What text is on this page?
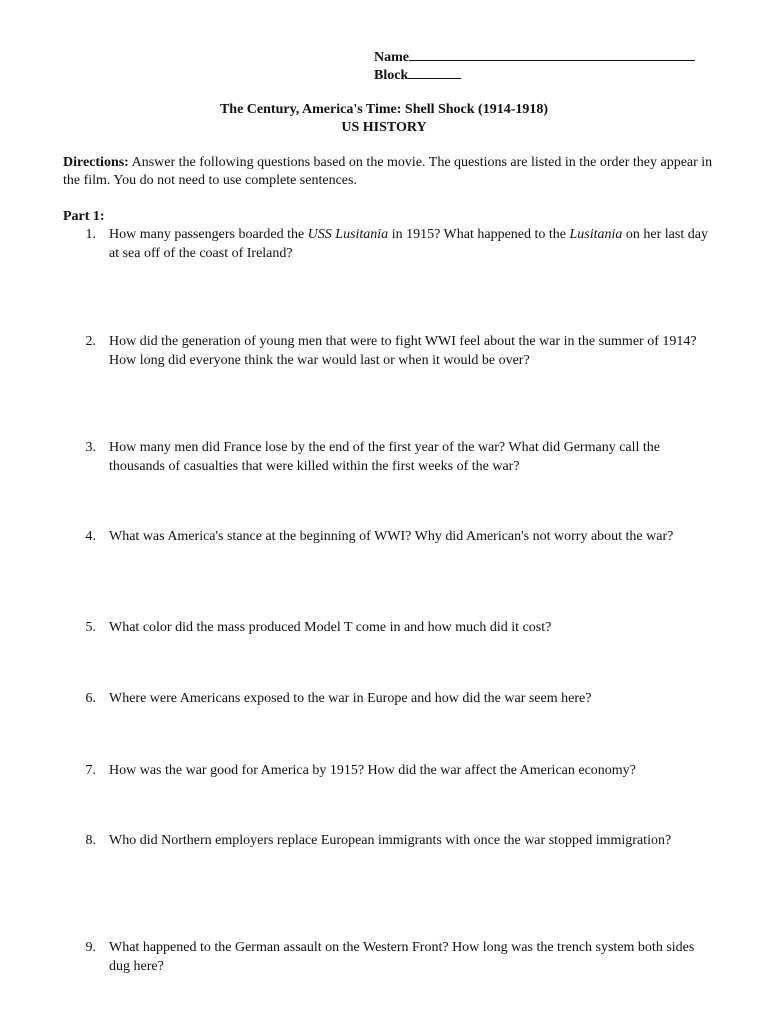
Name
Block
The Century, America's Time: Shell Shock (1914-1918)
US HISTORY
Directions: Answer the following questions based on the movie. The questions are listed in the order they appear in the film. You do not need to use complete sentences.
Part 1:
1. How many passengers boarded the USS Lusitania in 1915? What happened to the Lusitania on her last day at sea off of the coast of Ireland?
2. How did the generation of young men that were to fight WWI feel about the war in the summer of 1914? How long did everyone think the war would last or when it would be over?
3. How many men did France lose by the end of the first year of the war? What did Germany call the thousands of casualties that were killed within the first weeks of the war?
4. What was America's stance at the beginning of WWI? Why did American's not worry about the war?
5. What color did the mass produced Model T come in and how much did it cost?
6. Where were Americans exposed to the war in Europe and how did the war seem here?
7. How was the war good for America by 1915? How did the war affect the American economy?
8. Who did Northern employers replace European immigrants with once the war stopped immigration?
9. What happened to the German assault on the Western Front? How long was the trench system both sides dug here?
